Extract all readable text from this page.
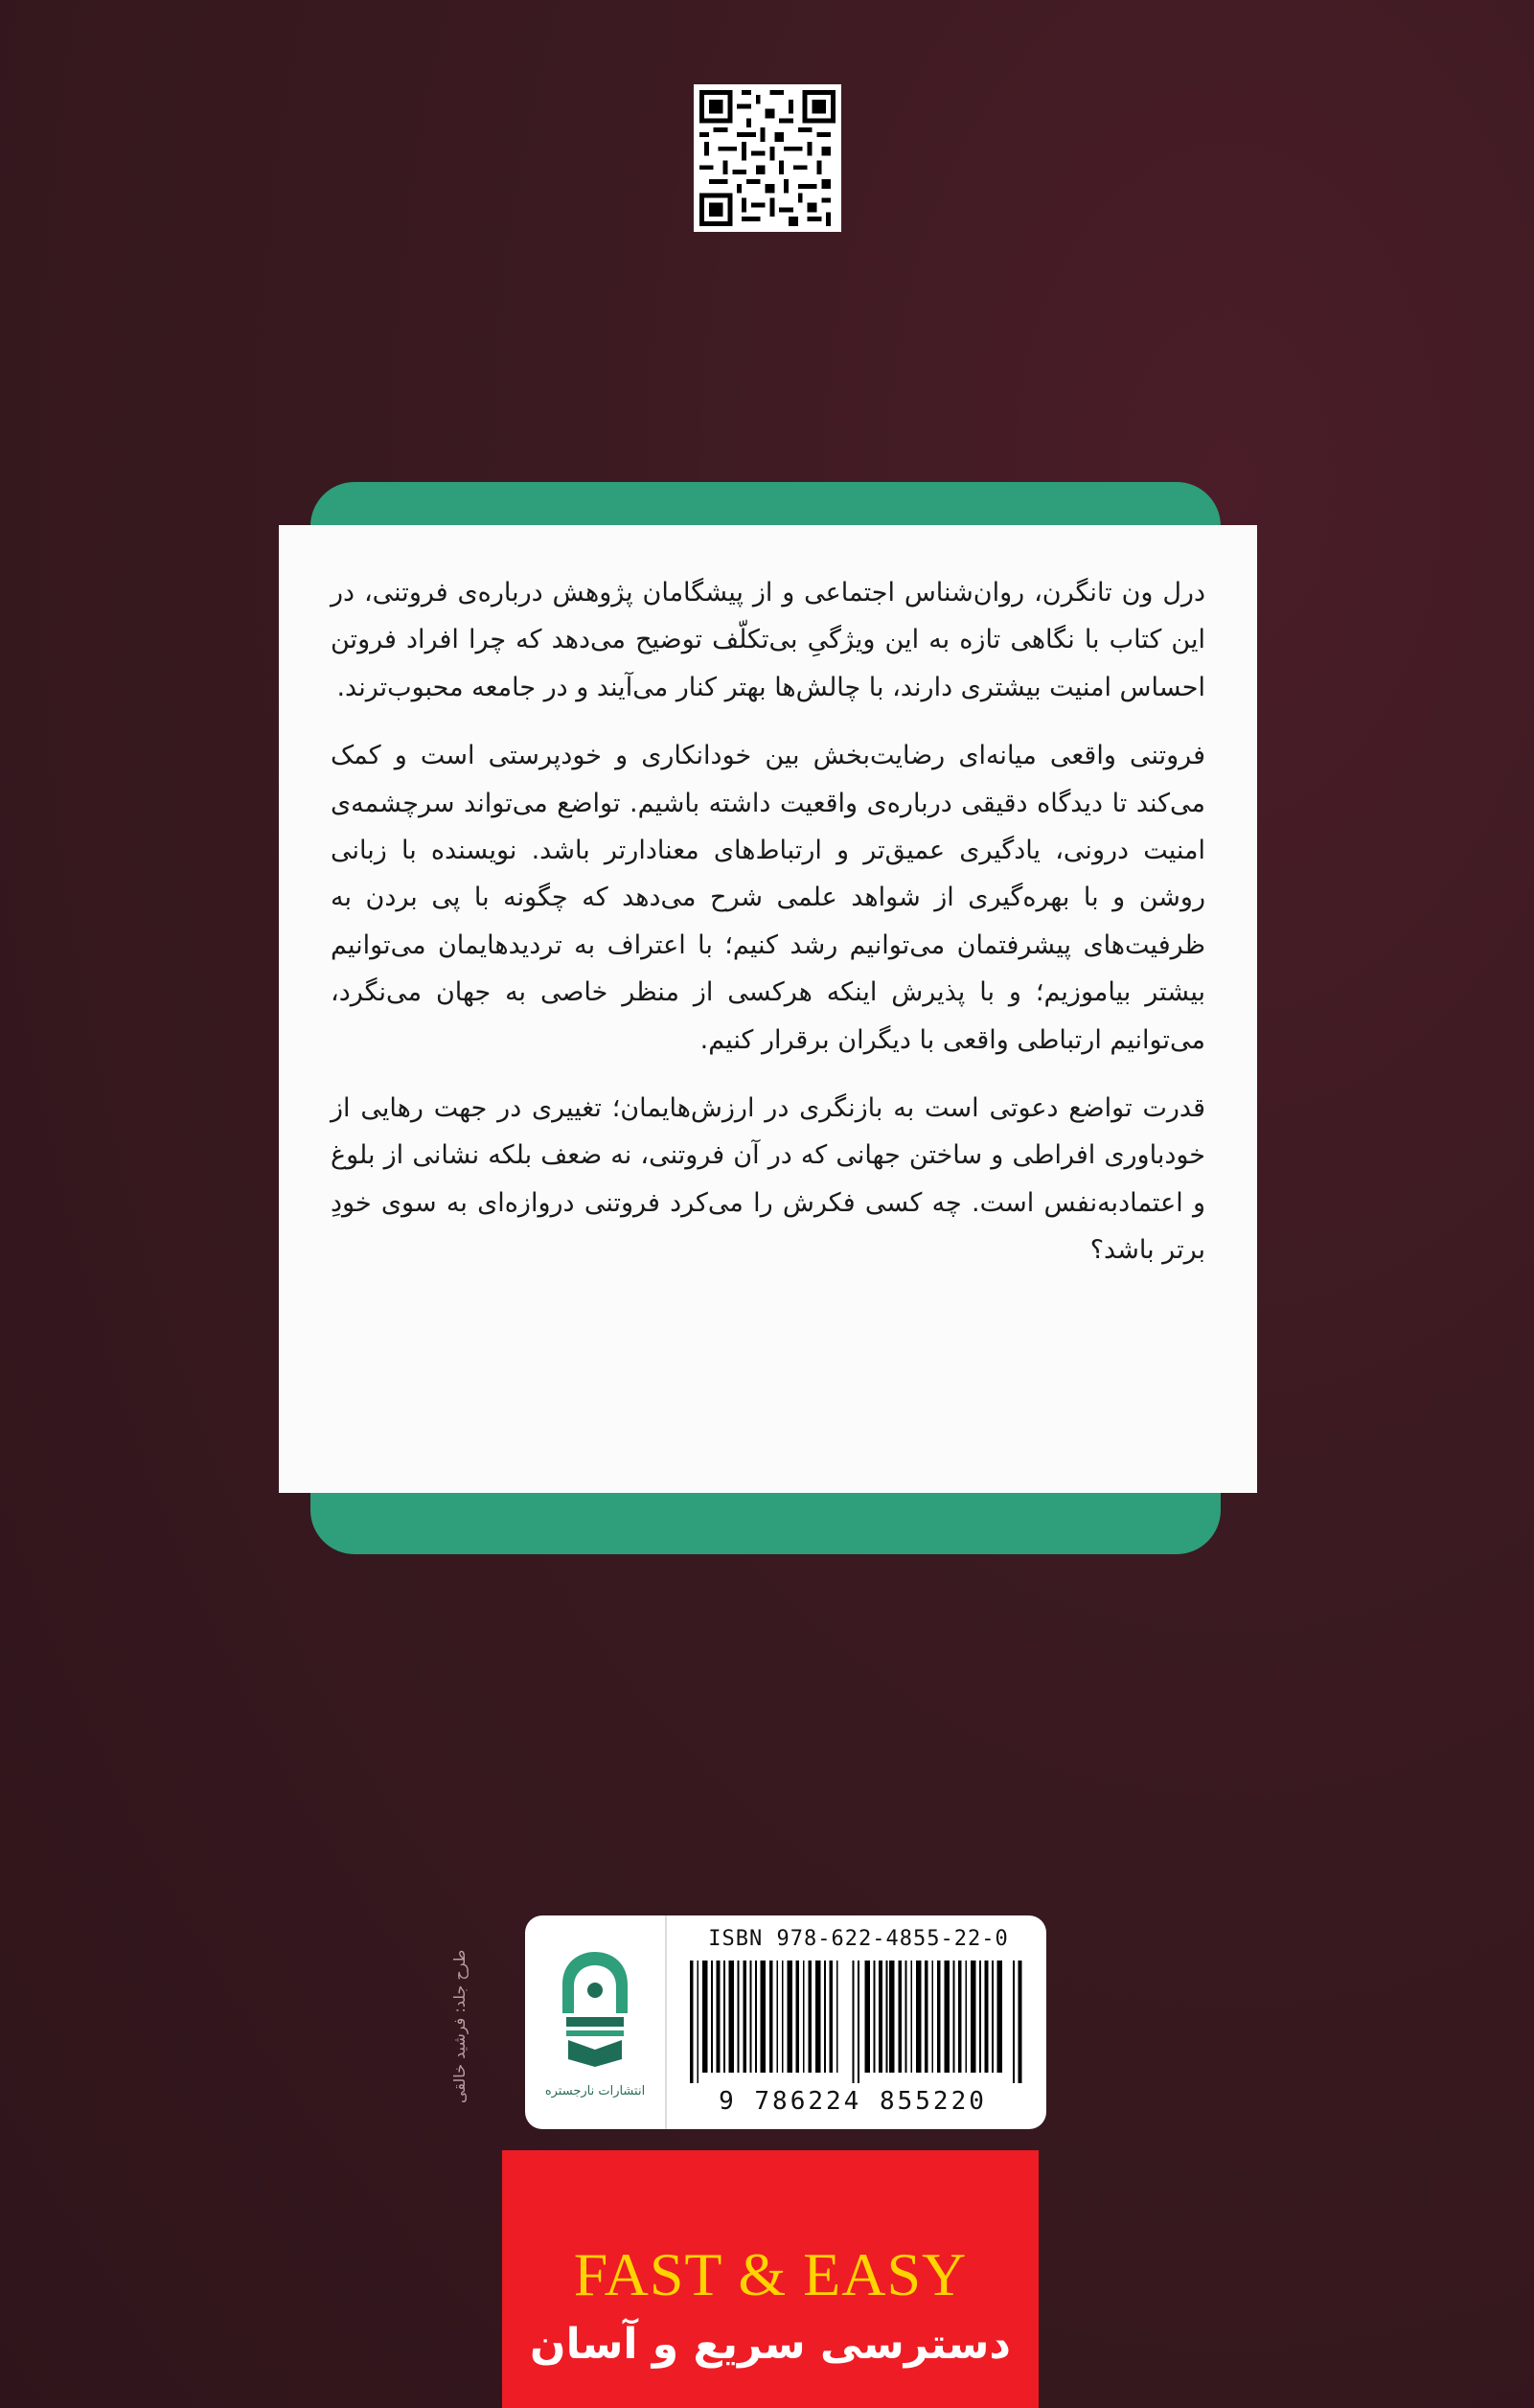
درل ون تانگرن، روان‌شناس اجتماعی و از پیشگامان پژوهش درباره‌ی فروتنی، در این کتاب با نگاهی تازه به این ویژگیِ بی‌تکلّف توضیح می‌دهد که چرا افراد فروتن احساس امنیت بیشتری دارند، با چالش‌ها بهتر کنار می‌آیند و در جامعه محبوب‌ترند.

فروتنی واقعی میانه‌ای رضایت‌بخش بین خودانکاری و خودپرستی است و کمک می‌کند تا دیدگاه دقیقی درباره‌ی واقعیت داشته باشیم. تواضع می‌تواند سرچشمه‌ی امنیت درونی، یادگیری عمیق‌تر و ارتباط‌های معنادارتر باشد. نویسنده با زبانی روشن و با بهره‌گیری از شواهد علمی شرح می‌دهد که چگونه با پی بردن به ظرفیت‌های پیشرفتمان می‌توانیم رشد کنیم؛ با اعتراف به تردیدهایمان می‌توانیم بیشتر بیاموزیم؛ و با پذیرش اینکه هرکسی از منظر خاصی به جهان می‌نگرد، می‌توانیم ارتباطی واقعی با دیگران برقرار کنیم.

قدرت تواضع دعوتی است به بازنگری در ارزش‌هایمان؛ تغییری در جهت رهایی از خودباوری افراطی و ساختن جهانی که در آن فروتنی، نه ضعف بلکه نشانی از بلوغ و اعتمادبه‌نفس است. چه کسی فکرش را می‌کرد فروتنی دروازه‌ای به سوی خودِ برتر باشد؟

طرح جلد: فرشید خالقی	انتشارات نارجستره
ISBN 978-622-4855-22-0
9 786224 855220
FAST & EASY
دسترسی سریع و آسان
